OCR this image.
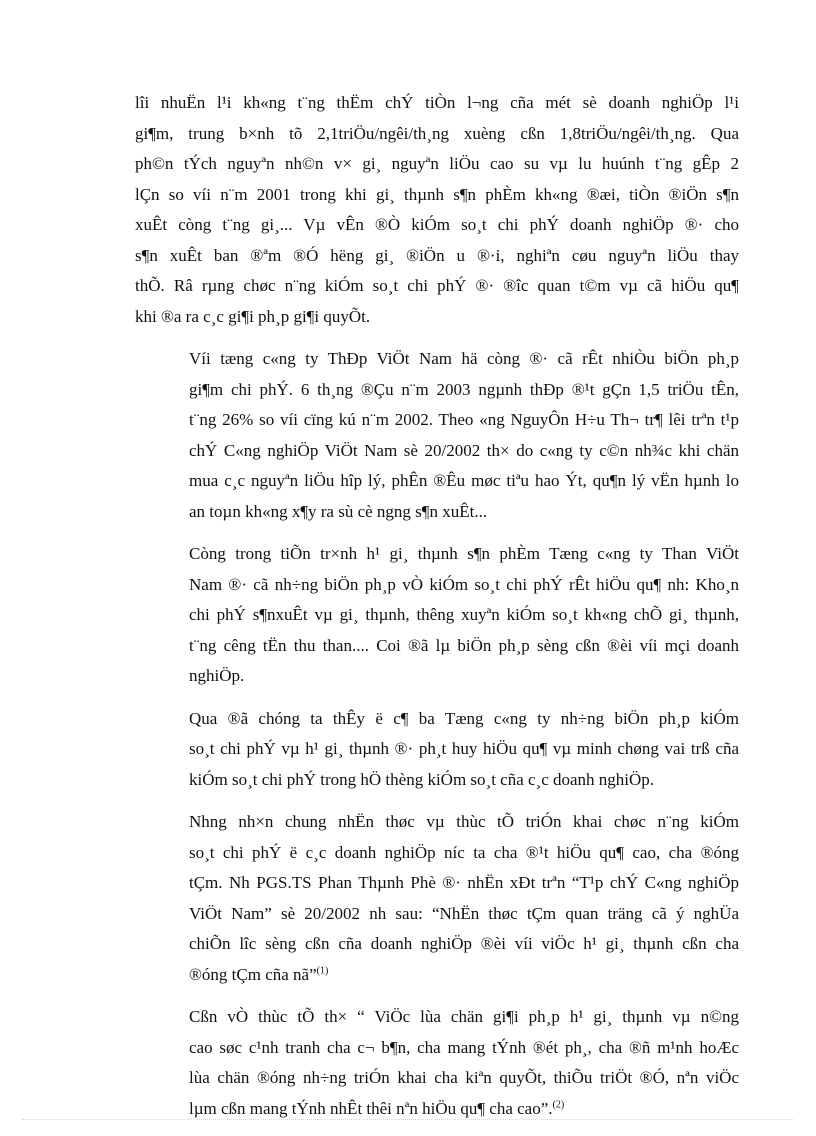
lîi nhuËn l¹i kh«ng t¨ng thËm chÝ tiÒn l¬ng cña mét sè doanh nghiÖp l¹i
gi¶m, trung b×nh tõ 2,1triÖu/ngêi/th¸ng xuèng cßn 1,8triÖu/ngêi/th¸ng. Qua
ph©n tÝch nguyªn nh©n v× gi¸ nguyªn liÖu cao su vµ lu huúnh t¨ng gÊp 2
lÇn so víi n¨m 2001 trong khi gi¸ thµnh s¶n phÈm kh«ng ®æi, tiÒn ®iÖn s¶n
xuÊt còng t¨ng gi¸... Vµ vÊn ®Ò kiÓm so¸t chi phÝ doanh nghiÖp ®· cho
s¶n xuÊt ban ®ªm ®Ó hëng gi¸ ®iÖn u ®·i, nghiªn cøu nguyªn liÖu thay
thÕ. Râ rµng chøc n¨ng kiÓm so¸t chi phÝ ®· ®îc quan t©m vµ cã hiÖu qu¶
khi ®a ra c¸c gi¶i ph¸p gi¶i quyÕt.
Víi tæng c«ng ty ThÐp ViÖt Nam hä còng ®· cã rÊt nhiÒu biÖn ph¸p
gi¶m chi phÝ. 6 th¸ng ®Çu n¨m 2003 ngµnh thÐp ®¹t gÇn 1,5 triÖu tÊn,
t¨ng 26% so víi cïng kú n¨m 2002. Theo «ng NguyÔn H÷u Th¬ tr¶ lêi trªn t¹p
chÝ C«ng nghiÖp ViÖt Nam sè 20/2002 th× do c«ng ty c©n nh¾c khi chän
mua c¸c nguyªn liÖu hîp lý, phÊn ®Êu møc tiªu hao Ýt, qu¶n lý vËn hµnh lo
an toµn kh«ng x¶y ra sù cè ngng s¶n xuÊt...
Còng trong tiÕn tr×nh h¹ gi¸ thµnh s¶n phÈm Tæng c«ng ty Than ViÖt
Nam ®· cã nh÷ng biÖn ph¸p vÒ kiÓm so¸t chi phÝ rÊt hiÖu qu¶ nh: Kho¸n
chi phÝ s¶nxuÊt vµ gi¸ thµnh, thêng xuyªn kiÓm so¸t kh«ng chÕ gi¸ thµnh,
t¨ng cêng tËn thu than.... Coi ®ã lµ biÖn ph¸p sèng cßn ®èi víi mçi doanh
nghiÖp.
Qua ®ã chóng ta thÊy ë c¶ ba Tæng c«ng ty nh÷ng biÖn ph¸p kiÓm
so¸t chi phÝ vµ h¹ gi¸ thµnh ®· ph¸t huy hiÖu qu¶ vµ minh chøng vai trß cña
kiÓm so¸t chi phÝ trong hÖ thèng kiÓm so¸t cña c¸c doanh nghiÖp.
Nhng nh×n chung nhËn thøc vµ thùc tÕ triÓn khai chøc n¨ng kiÓm
so¸t chi phÝ ë c¸c doanh nghiÖp níc ta cha ®¹t hiÖu qu¶ cao, cha ®óng
tÇm. Nh PGS.TS Phan Thµnh Phè ®· nhËn xÐt trªn “T¹p chÝ C«ng nghiÖp
ViÖt Nam” sè 20/2002 nh sau: “NhËn thøc tÇm quan träng cã ý nghÜa
chiÕn lîc sèng cßn cña doanh nghiÖp ®èi víi viÖc h¹ gi¸ thµnh cßn cha
®óng tÇm cña nã”$^{(1)}$
Cßn vÒ thùc tÕ th× “ ViÖc lùa chän gi¶i ph¸p h¹ gi¸ thµnh vµ n©ng
cao søc c¹nh tranh cha c¬ b¶n, cha mang tÝnh ®ét ph¸, cha ®ñ m¹nh hoÆc
lùa chän ®óng nh÷ng triÓn khai cha kiªn quyÕt, thiÕu triÖt ®Ó, nªn viÖc
lµm cßn mang tÝnh nhÊt thêi nªn hiÖu qu¶ cha cao”.$^{(2)}$
